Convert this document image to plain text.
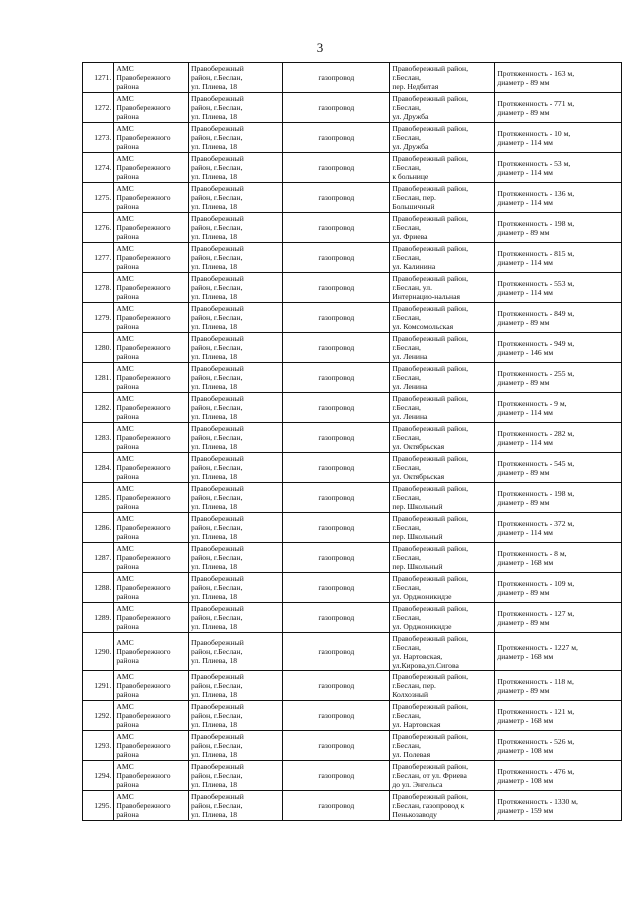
3
1271.	АМС
Правобережного
района	Правобережный
район, г.Беслан,
ул. Плиева, 18	газопровод	Правобережный район,
г.Беслан,
пер. Недбитая	Протяженность - 163 м,
диаметр - 89 мм

1272.	АМС
Правобережного
района	Правобережный
район, г.Беслан,
ул. Плиева, 18	газопровод	Правобережный район,
г.Беслан,
ул. Дружба	Протяженность - 771 м,
диаметр - 89 мм

1273.	АМС
Правобережного
района	Правобережный
район, г.Беслан,
ул. Плиева, 18	газопровод	Правобережный район,
г.Беслан,
ул. Дружба	Протяженность - 10 м,
диаметр - 114 мм

1274.	АМС
Правобережного
района	Правобережный
район, г.Беслан,
ул. Плиева, 18	газопровод	Правобережный район,
г.Беслан,
к больнице	Протяженность - 53 м,
диаметр - 114 мм

1275.	АМС
Правобережного
района	Правобережный
район, г.Беслан,
ул. Плиева, 18	газопровод	Правобережный район,
г.Беслан, пер.
Большичный	Протяженность - 136 м,
диаметр - 114 мм

1276.	АМС
Правобережного
района	Правобережный
район, г.Беслан,
ул. Плиева, 18	газопровод	Правобережный район,
г.Беслан,
ул. Фриева	Протяженность - 198 м,
диаметр - 89 мм

1277.	АМС
Правобережного
района	Правобережный
район, г.Беслан,
ул. Плиева, 18	газопровод	Правобережный район,
г.Беслан,
ул. Калинина	Протяженность - 815 м,
диаметр - 114 мм

1278.	АМС
Правобережного
района	Правобережный
район, г.Беслан,
ул. Плиева, 18	газопровод	Правобережный район,
г.Беслан, ул.
Интернацио-нальная	Протяженность - 553 м,
диаметр - 114 мм

1279.	АМС
Правобережного
района	Правобережный
район, г.Беслан,
ул. Плиева, 18	газопровод	Правобережный район,
г.Беслан,
ул. Комсомольская	Протяженность - 849 м,
диаметр - 89 мм

1280.	АМС
Правобережного
района	Правобережный
район, г.Беслан,
ул. Плиева, 18	газопровод	Правобережный район,
г.Беслан,
ул. Ленина	Протяженность - 949 м,
диаметр - 146 мм

1281.	АМС
Правобережного
района	Правобережный
район, г.Беслан,
ул. Плиева, 18	газопровод	Правобережный район,
г.Беслан,
ул. Ленина	Протяженность - 255 м,
диаметр - 89 мм

1282.	АМС
Правобережного
района	Правобережный
район, г.Беслан,
ул. Плиева, 18	газопровод	Правобережный район,
г.Беслан,
ул. Ленина	Протяженность - 9 м,
диаметр - 114 мм

1283.	АМС
Правобережного
района	Правобережный
район, г.Беслан,
ул. Плиева, 18	газопровод	Правобережный район,
г.Беслан,
ул. Октябрьская	Протяженность - 282 м,
диаметр - 114 мм

1284.	АМС
Правобережного
района	Правобережный
район, г.Беслан,
ул. Плиева, 18	газопровод	Правобережный район,
г.Беслан,
ул. Октябрьская	Протяженность - 545 м,
диаметр - 89 мм

1285.	АМС
Правобережного
района	Правобережный
район, г.Беслан,
ул. Плиева, 18	газопровод	Правобережный район,
г.Беслан,
пер. Школьный	Протяженность - 198 м,
диаметр - 89 мм

1286.	АМС
Правобережного
района	Правобережный
район, г.Беслан,
ул. Плиева, 18	газопровод	Правобережный район,
г.Беслан,
пер. Школьный	Протяженность - 372 м,
диаметр - 114 мм

1287.	АМС
Правобережного
района	Правобережный
район, г.Беслан,
ул. Плиева, 18	газопровод	Правобережный район,
г.Беслан,
пер. Школьный	Протяженность - 8 м,
диаметр - 168 мм

1288.	АМС
Правобережного
района	Правобережный
район, г.Беслан,
ул. Плиева, 18	газопровод	Правобережный район,
г.Беслан,
ул. Орджоникидзе	Протяженность - 109 м,
диаметр - 89 мм

1289.	АМС
Правобережного
района	Правобережный
район, г.Беслан,
ул. Плиева, 18	газопровод	Правобережный район,
г.Беслан,
ул. Орджоникидзе	Протяженность - 127 м,
диаметр - 89 мм

1290.	АМС
Правобережного
района	Правобережный
район, г.Беслан,
ул. Плиева, 18	газопровод	Правобережный район,
г.Беслан,
ул. Нартовская,
ул.Кирова,ул.Сигова	Протяженность - 1227 м,
диаметр - 168 мм

1291.	АМС
Правобережного
района	Правобережный
район, г.Беслан,
ул. Плиева, 18	газопровод	Правобережный район,
г.Беслан, пер.
Колхозный	Протяженность - 118 м,
диаметр - 89 мм

1292.	АМС
Правобережного
района	Правобережный
район, г.Беслан,
ул. Плиева, 18	газопровод	Правобережный район,
г.Беслан,
ул. Нартовская	Протяженность - 121 м,
диаметр - 168 мм

1293.	АМС
Правобережного
района	Правобережный
район, г.Беслан,
ул. Плиева, 18	газопровод	Правобережный район,
г.Беслан,
ул. Полевая	Протяженность - 526 м,
диаметр - 108 мм

1294.	АМС
Правобережного
района	Правобережный
район, г.Беслан,
ул. Плиева, 18	газопровод	Правобережный район,
г.Беслан, от ул. Фриева
до ул. Энгельса	Протяженность - 476 м,
диаметр - 108 мм

1295.	АМС
Правобережного
района	Правобережный
район, г.Беслан,
ул. Плиева, 18	газопровод	Правобережный район,
г.Беслан, газопровод к
Пенькозаводу	Протяженность - 1330 м,
диаметр - 159 мм
